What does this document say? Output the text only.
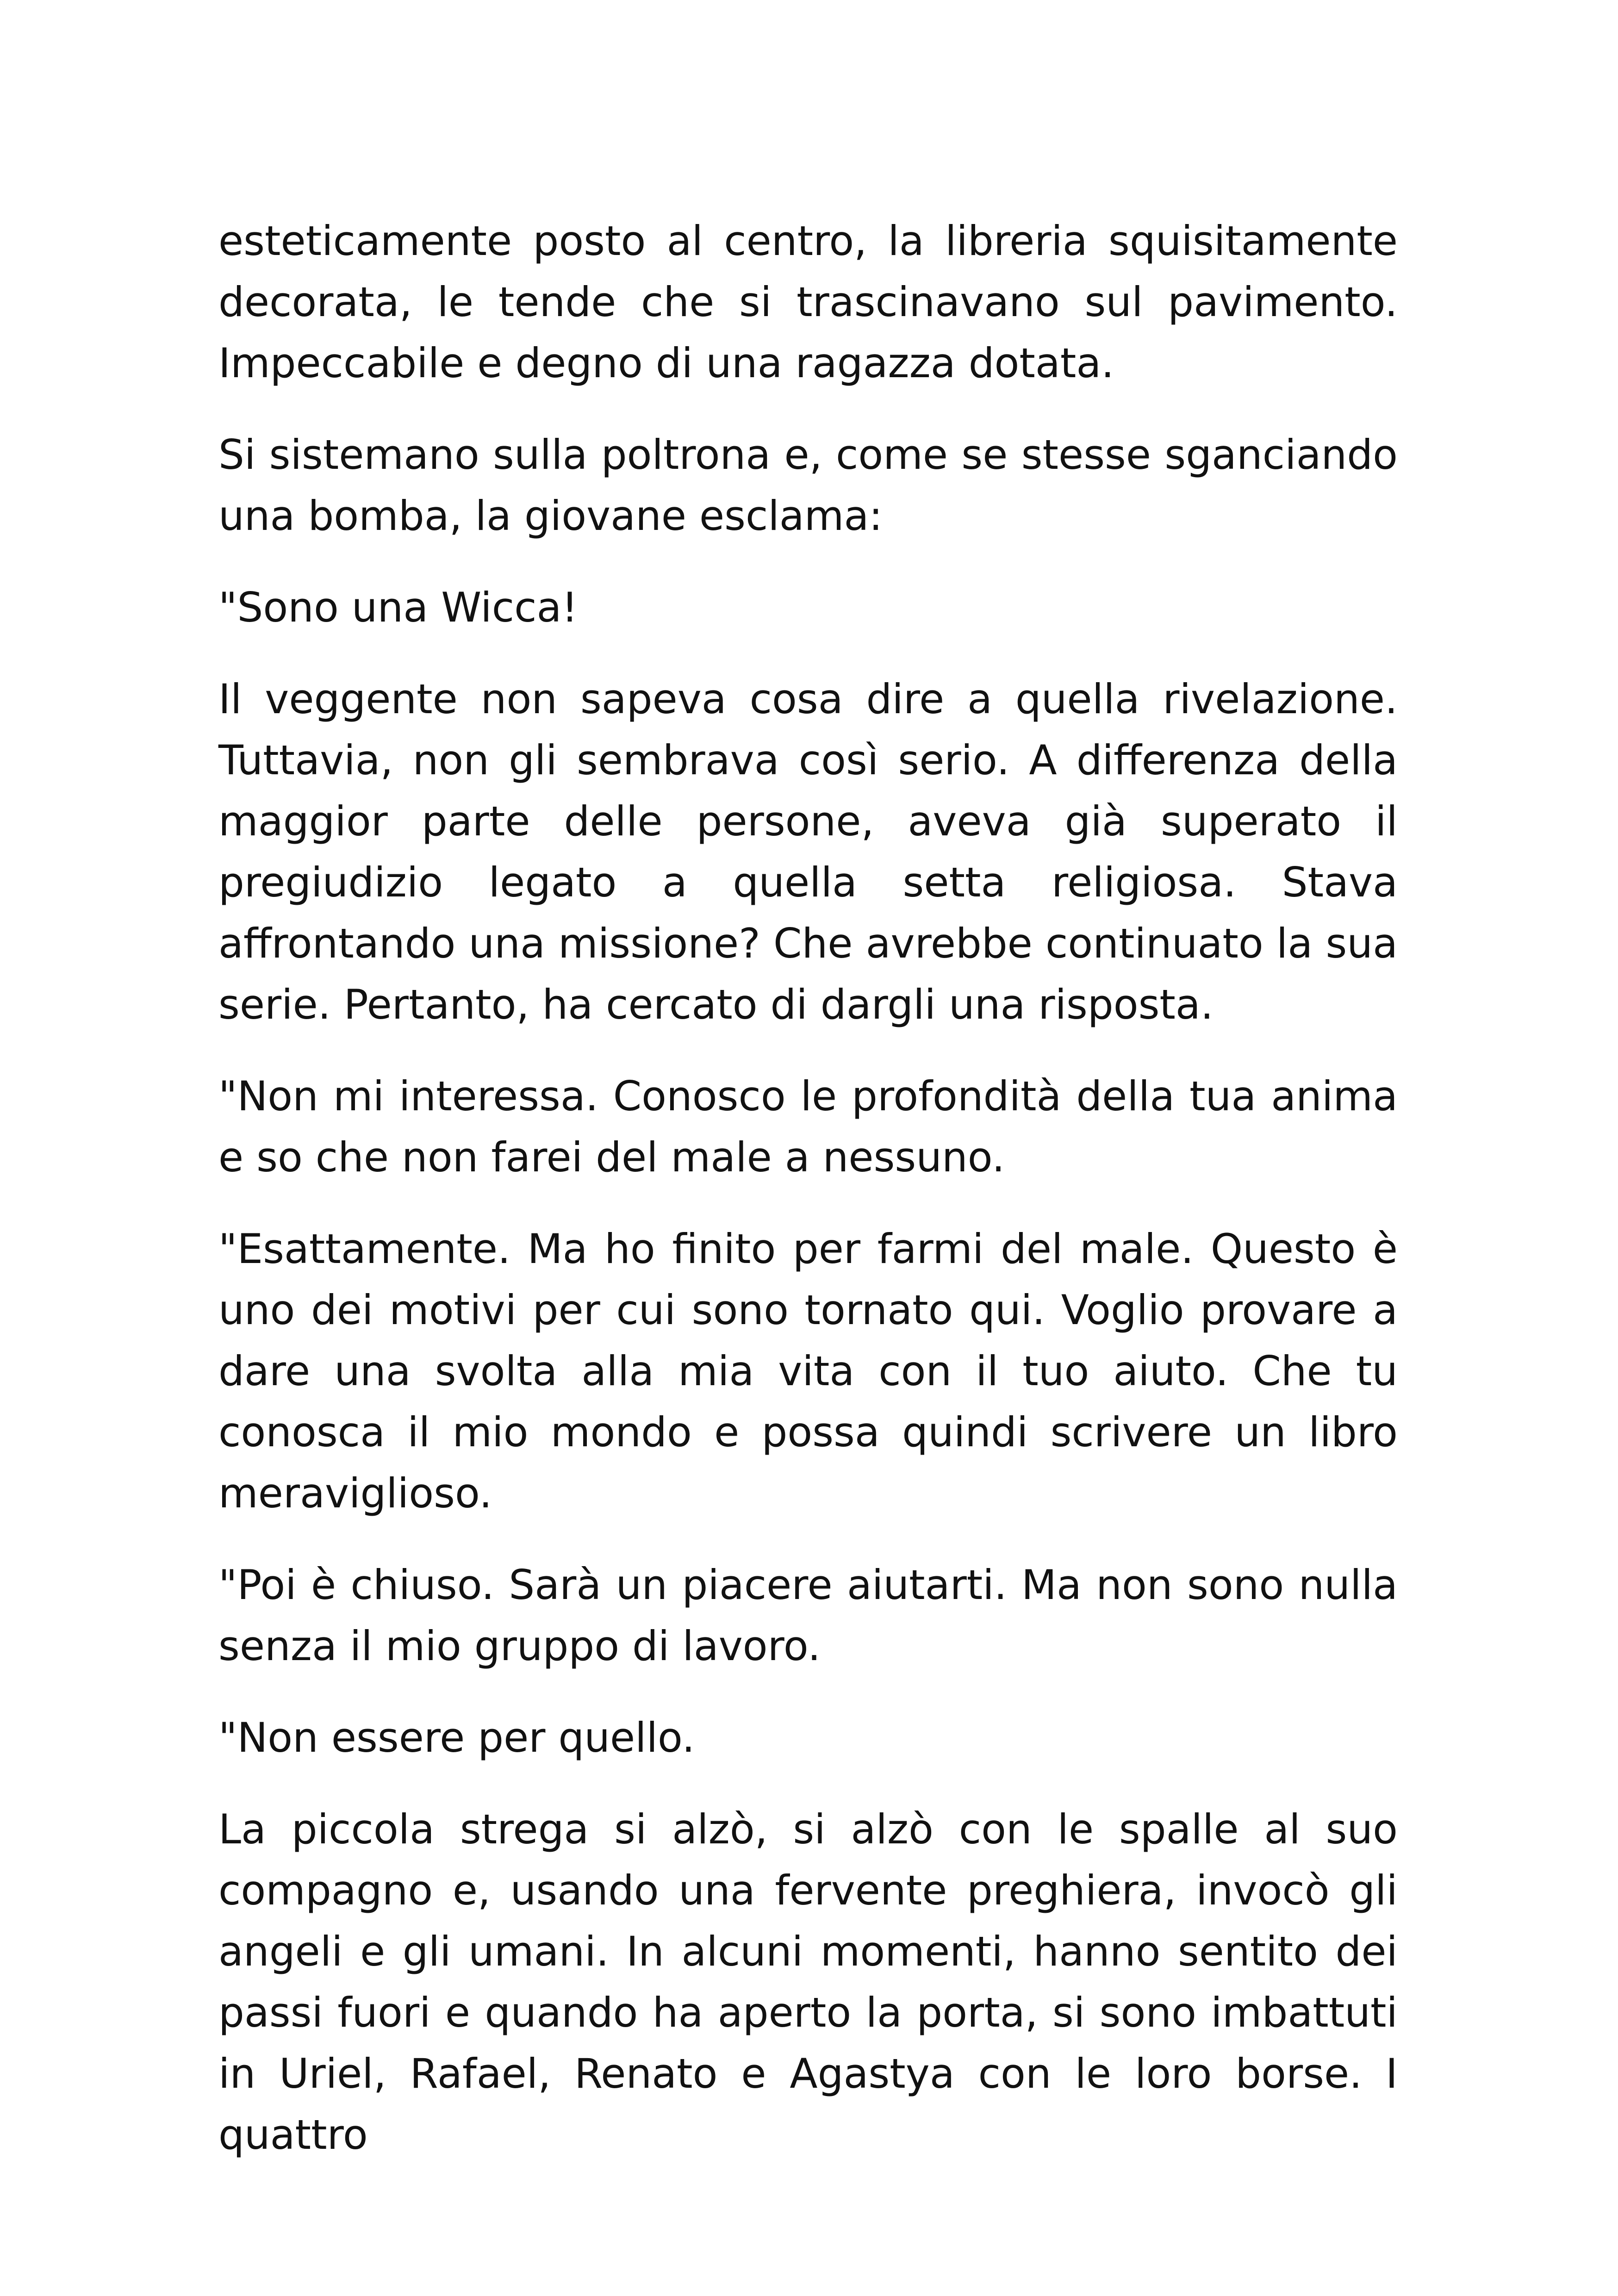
esteticamente posto al centro, la libreria squisitamente decorata, le tende che si trascinavano sul pavimento. Impeccabile e degno di una ragazza dotata.

Si sistemano sulla poltrona e, come se stesse sganciando una bomba, la giovane esclama:

"Sono una Wicca!

Il veggente non sapeva cosa dire a quella rivelazione. Tuttavia, non gli sembrava così serio. A differenza della maggior parte delle persone, aveva già superato il pregiudizio legato a quella setta religiosa. Stava affrontando una missione? Che avrebbe continuato la sua serie. Pertanto, ha cercato di dargli una risposta.

"Non mi interessa. Conosco le profondità della tua anima e so che non farei del male a nessuno.

"Esattamente. Ma ho finito per farmi del male. Questo è uno dei motivi per cui sono tornato qui. Voglio provare a dare una svolta alla mia vita con il tuo aiuto. Che tu conosca il mio mondo e possa quindi scrivere un libro meraviglioso.

"Poi è chiuso. Sarà un piacere aiutarti. Ma non sono nulla senza il mio gruppo di lavoro.

"Non essere per quello.

La piccola strega si alzò, si alzò con le spalle al suo compagno e, usando una fervente preghiera, invocò gli angeli e gli umani. In alcuni momenti, hanno sentito dei passi fuori e quando ha aperto la porta, si sono imbattuti in Uriel, Rafael, Renato e Agastya con le loro borse. I quattro
